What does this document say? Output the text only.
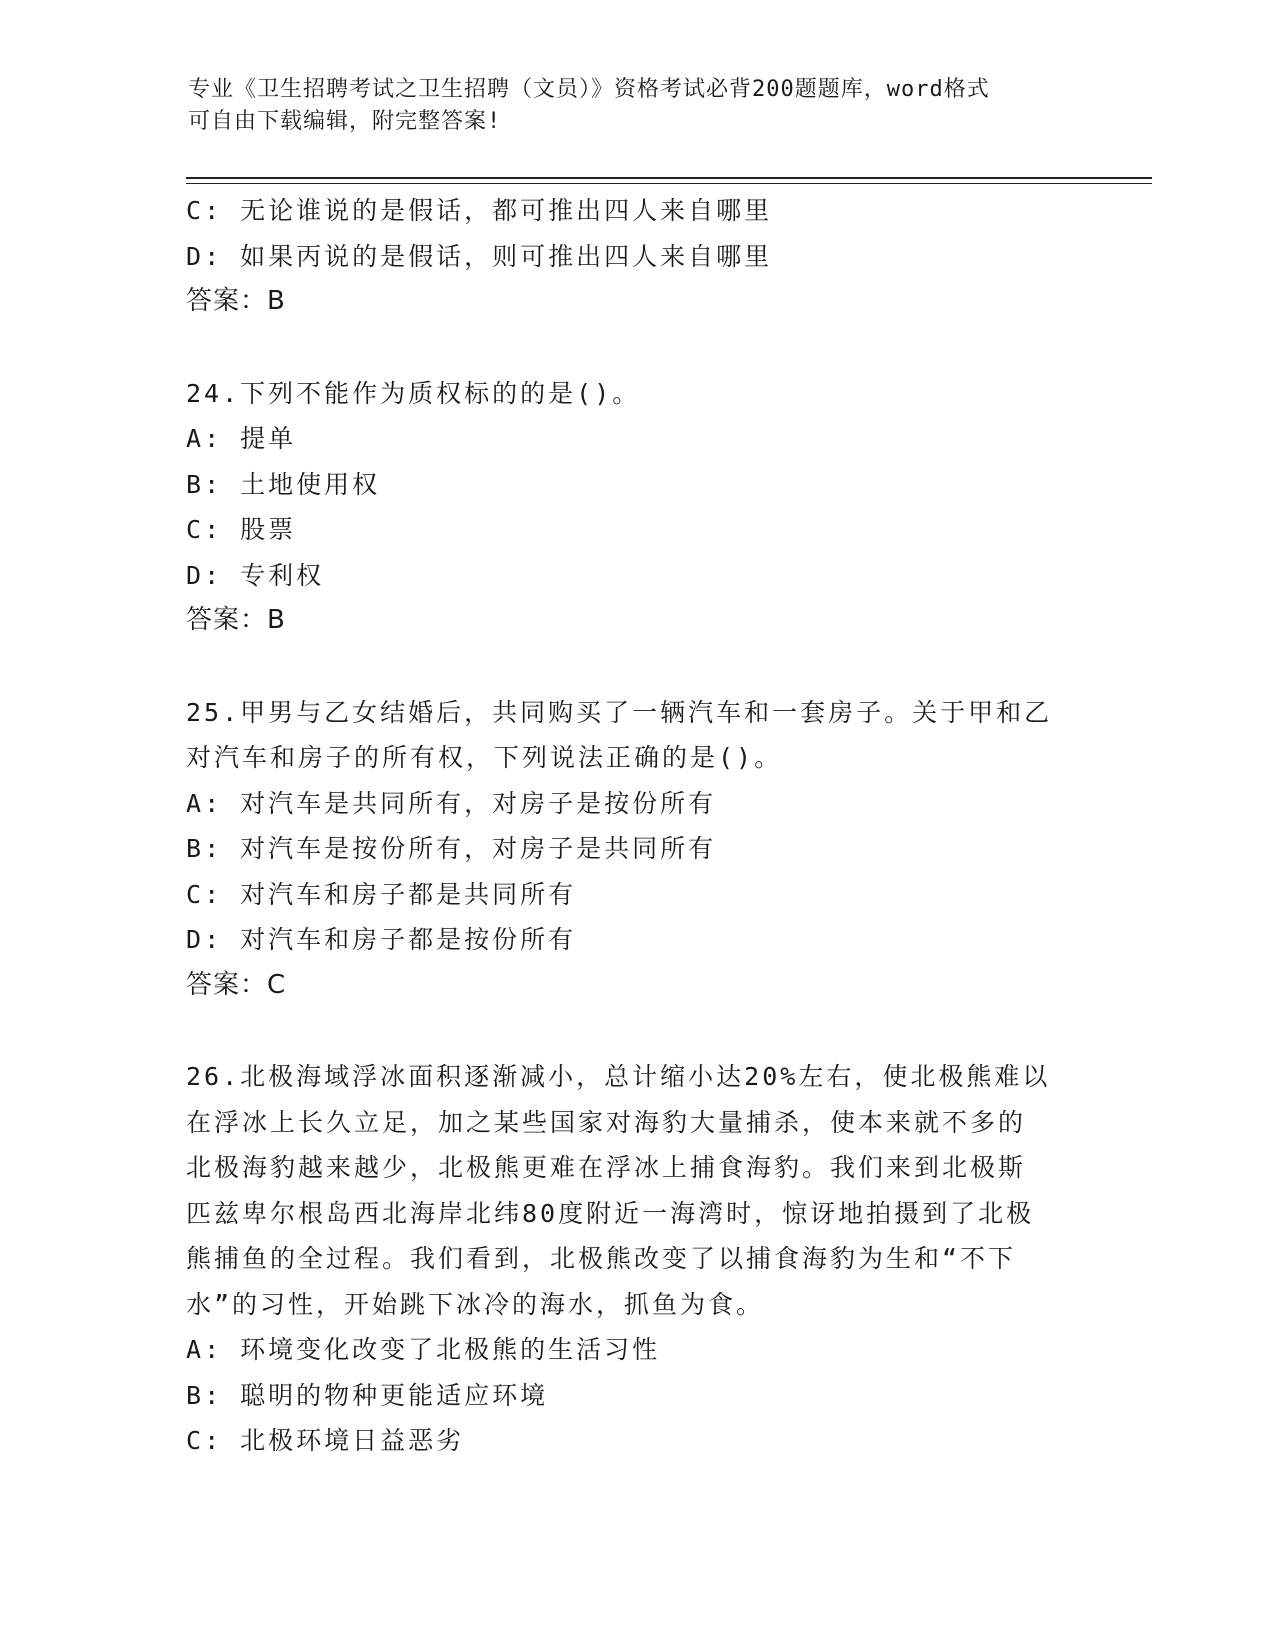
专业《卫生招聘考试之卫生招聘（文员）》资格考试必背200题题库，word格式
可自由下载编辑，附完整答案!
C: 无论谁说的是假话，都可推出四人来自哪里
D: 如果丙说的是假话，则可推出四人来自哪里
答案：B
24.下列不能作为质权标的的是()。
A: 提单
B: 土地使用权
C: 股票
D: 专利权
答案：B
25.甲男与乙女结婚后，共同购买了一辆汽车和一套房子。关于甲和乙
对汽车和房子的所有权，下列说法正确的是()。
A: 对汽车是共同所有，对房子是按份所有
B: 对汽车是按份所有，对房子是共同所有
C: 对汽车和房子都是共同所有
D: 对汽车和房子都是按份所有
答案：C
26.北极海域浮冰面积逐渐减小，总计缩小达20%左右，使北极熊难以
在浮冰上长久立足，加之某些国家对海豹大量捕杀，使本来就不多的
北极海豹越来越少，北极熊更难在浮冰上捕食海豹。我们来到北极斯
匹兹卑尔根岛西北海岸北纬80度附近一海湾时，惊讶地拍摄到了北极
熊捕鱼的全过程。我们看到，北极熊改变了以捕食海豹为生和“不下
水”的习性，开始跳下冰冷的海水，抓鱼为食。
A: 环境变化改变了北极熊的生活习性
B: 聪明的物种更能适应环境
C: 北极环境日益恶劣
